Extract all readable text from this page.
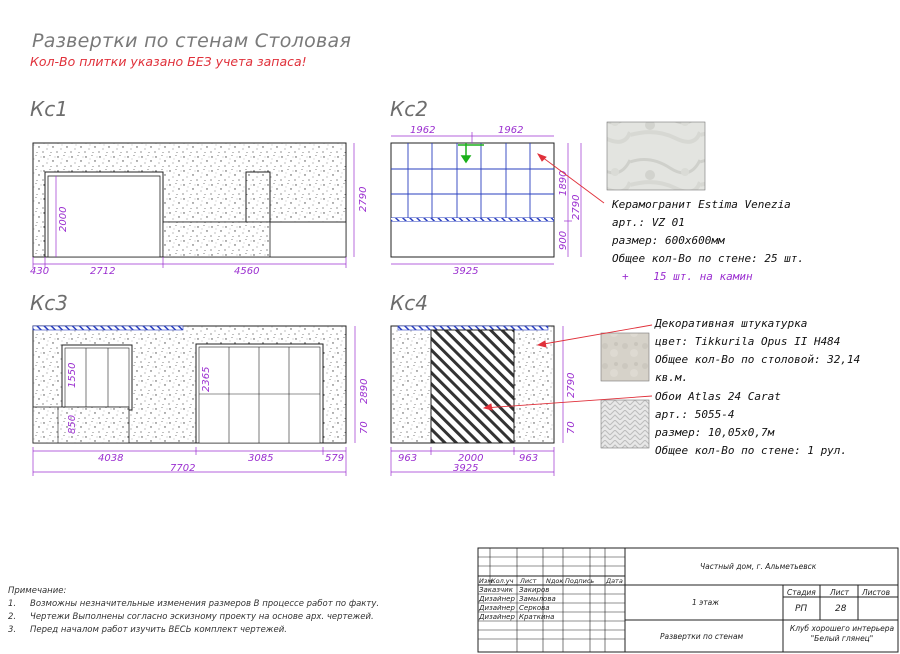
Развертки по стенам Столовая
Кол-Во плитки указано БЕЗ учета запаса!
Кс1	Кс2
Кс3	Кс4
430	2712	4560
2000
2790
1962	1962
3925
1890
900
2790
4038	3085	579
7702
1550
850
2365	2890
70
963	2000	963
3925
2790
70
Керамогранит Estima Venezia
арт.: VZ 01
размер: 600x600мм
Общее кол-Во по стене: 25 шт.
+ 15 шт. на камин
Декоративная штукатурка
цвет: Tikkurila Opus II H484
Общее кол-Во по столовой: 32,14 кв.м.
Обои Atlas 24 Carat
арт.: 5055-4
размер: 10,05x0,7м
Общее кол-Во по стене: 1 рул.
Примечание:
1. Возможны незначительные изменения размеров В процессе работ по факту.
2. Чертежи Выполнены согласно эскизному проекту на основе арх. чертежей.
3. Перед началом работ изучить ВЕСЬ комплект чертежей.
Частный дом, г. Альметьевск
Изм.
Кол.уч Лист Nдок Подпись Дата
Заказчик Закиров
Дизайнер Замылова
Дизайнер Серкова
Дизайнер Краткина
1 этаж
Развертки по стенам
Стадия Лист Листов
РП	28
Клуб хорошего интерьера "Белый глянец"
